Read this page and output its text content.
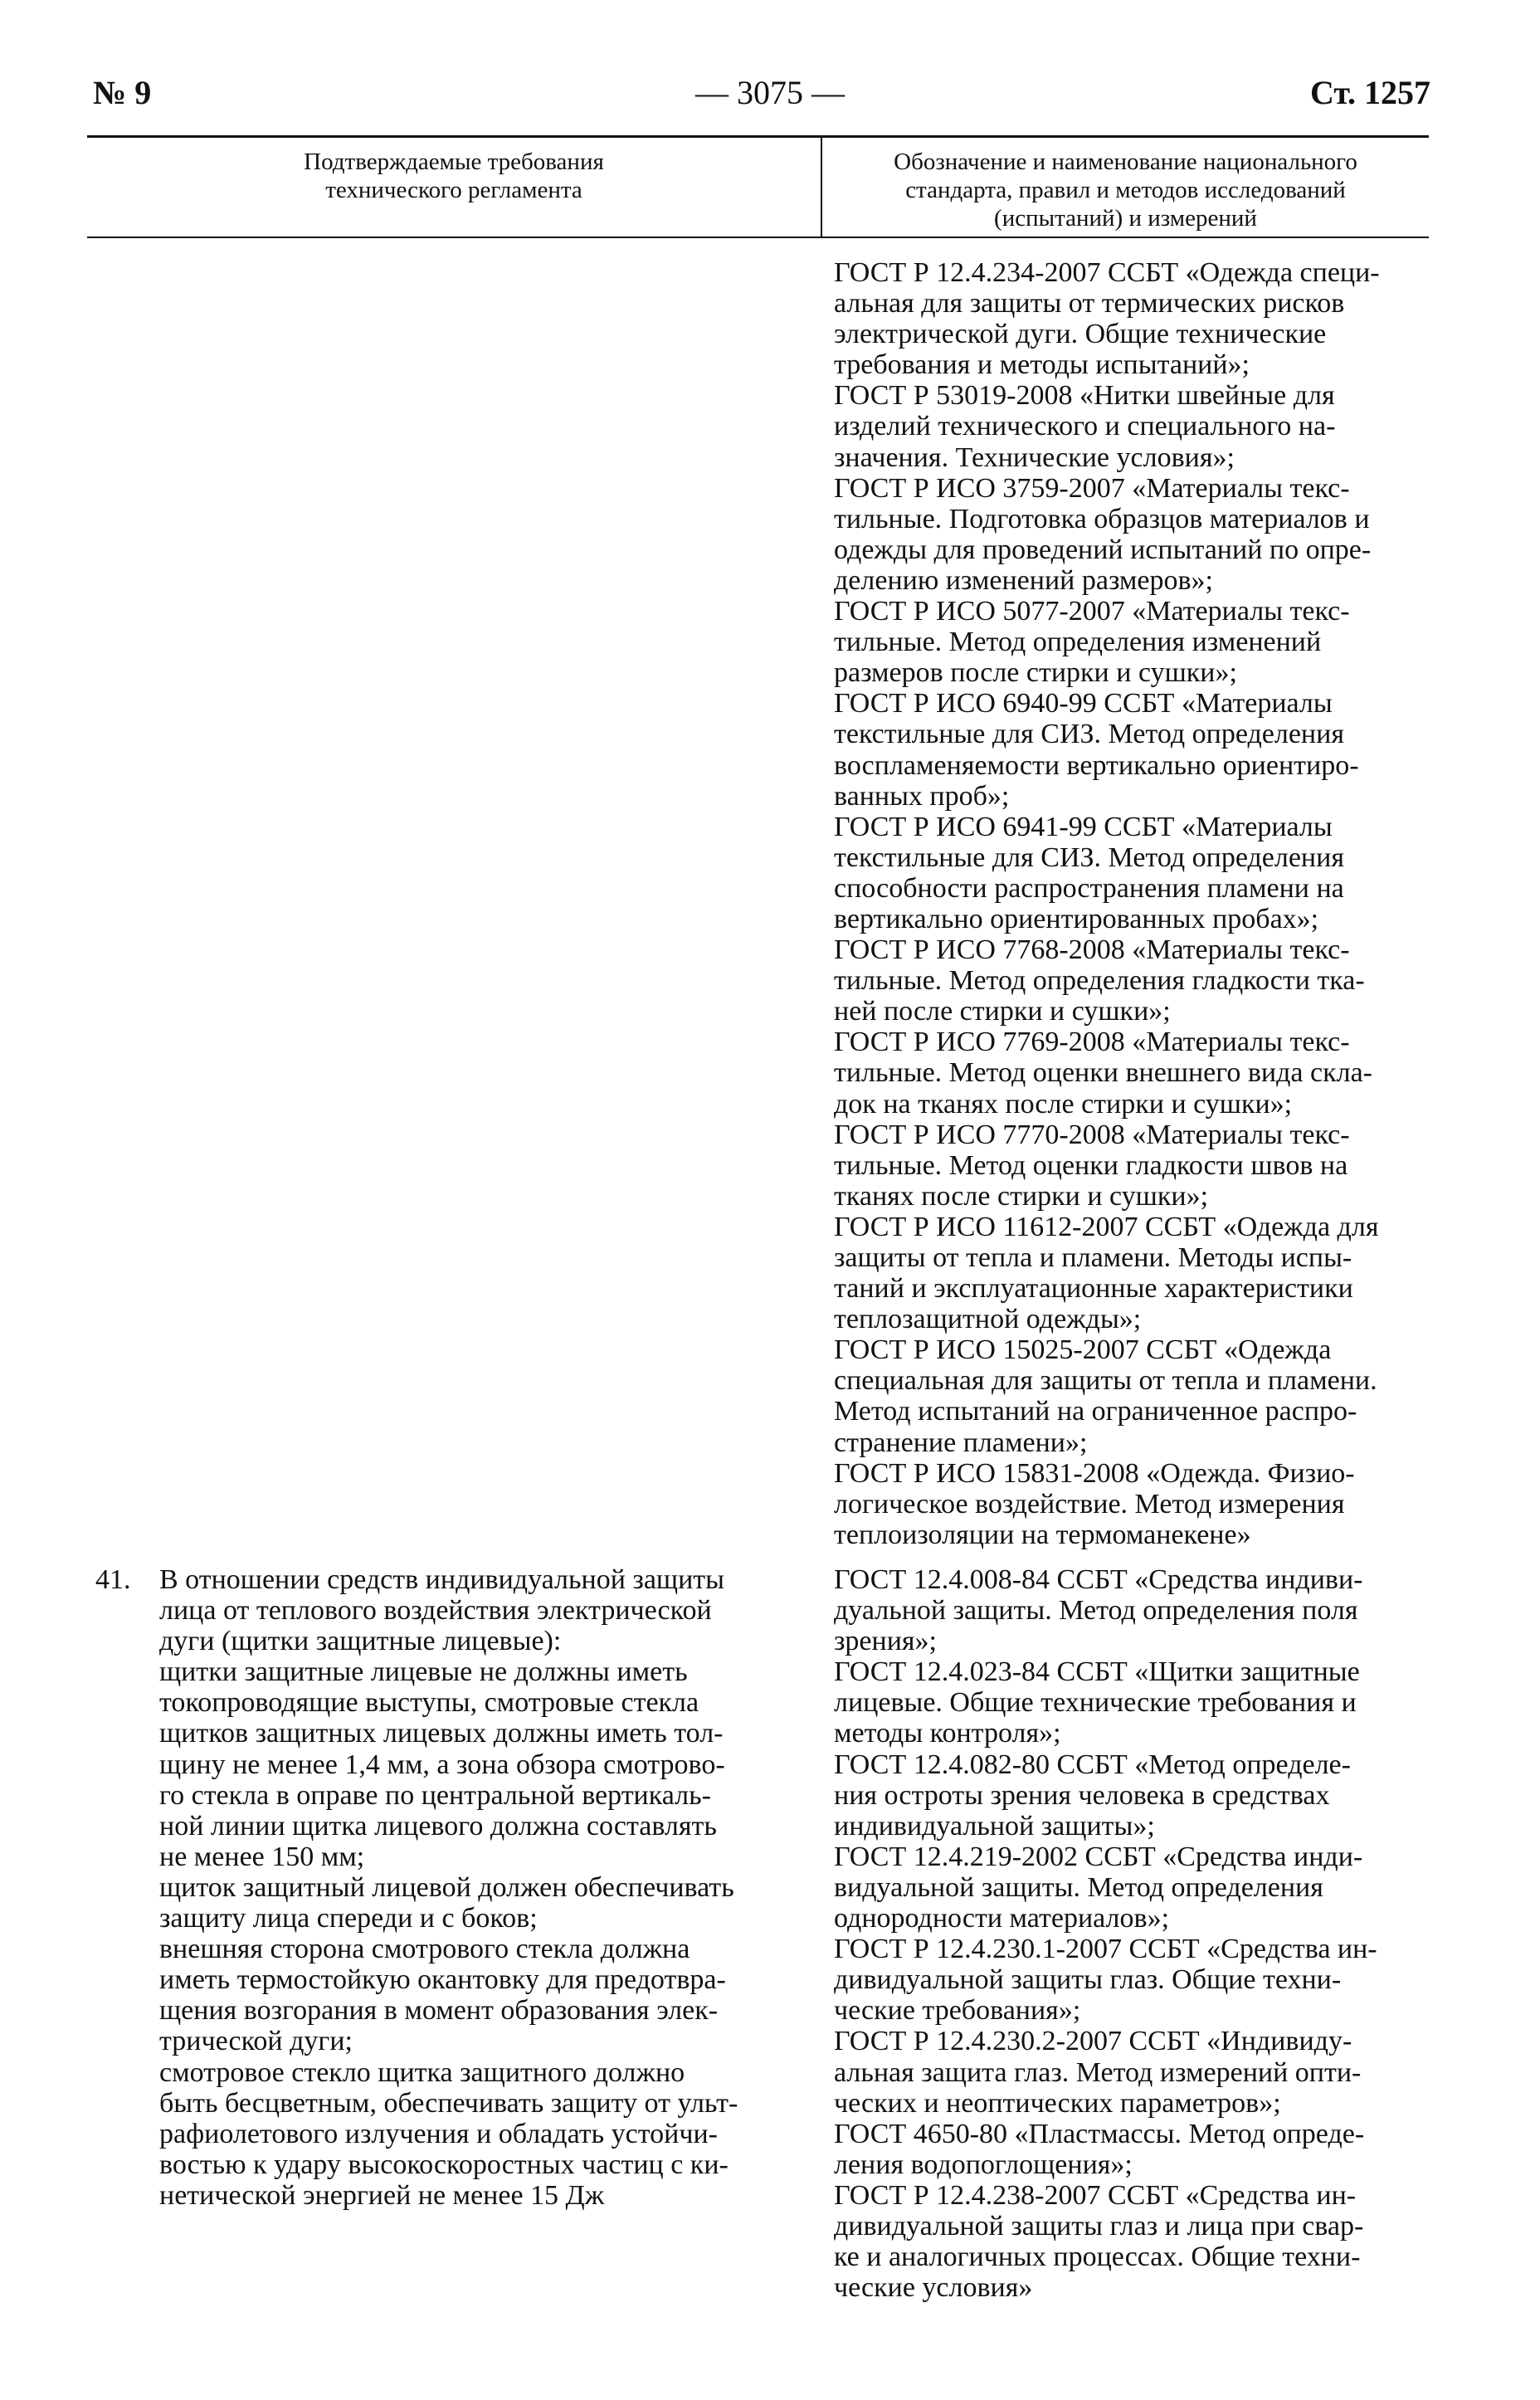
№ 9	— 3075 —	Ст. 1257
Подтверждаемые требования
технического регламента
Обозначение и наименование национального
стандарта, правил и методов исследований
(испытаний) и измерений
ГОСТ Р 12.4.234-2007 ССБТ «Одежда специ-
альная для защиты от термических рисков
электрической дуги. Общие технические
требования и методы испытаний»;
ГОСТ Р 53019-2008 «Нитки швейные для
изделий технического и специального на-
значения. Технические условия»;
ГОСТ Р ИСО 3759-2007 «Материалы текс-
тильные. Подготовка образцов материалов и
одежды для проведений испытаний по опре-
делению изменений размеров»;
ГОСТ Р ИСО 5077-2007 «Материалы текс-
тильные. Метод определения изменений
размеров после стирки и сушки»;
ГОСТ Р ИСО 6940-99 ССБТ «Материалы
текстильные для СИЗ. Метод определения
воспламеняемости вертикально ориентиро-
ванных проб»;
ГОСТ Р ИСО 6941-99 ССБТ «Материалы
текстильные для СИЗ. Метод определения
способности распространения пламени на
вертикально ориентированных пробах»;
ГОСТ Р ИСО 7768-2008 «Материалы текс-
тильные. Метод определения гладкости тка-
ней после стирки и сушки»;
ГОСТ Р ИСО 7769-2008 «Материалы текс-
тильные. Метод оценки внешнего вида скла-
док на тканях после стирки и сушки»;
ГОСТ Р ИСО 7770-2008 «Материалы текс-
тильные. Метод оценки гладкости швов на
тканях после стирки и сушки»;
ГОСТ Р ИСО 11612-2007 ССБТ «Одежда для
защиты от тепла и пламени. Методы испы-
таний и эксплуатационные характеристики
теплозащитной одежды»;
ГОСТ Р ИСО 15025-2007 ССБТ «Одежда
специальная для защиты от тепла и пламени.
Метод испытаний на ограниченное распро-
странение пламени»;
ГОСТ Р ИСО 15831-2008 «Одежда. Физио-
логическое воздействие. Метод измерения
теплоизоляции на термоманекене»
41. В отношении средств индивидуальной защиты
лица от теплового воздействия электрической
дуги (щитки защитные лицевые):
щитки защитные лицевые не должны иметь
токопроводящие выступы, смотровые стекла
щитков защитных лицевых должны иметь тол-
щину не менее 1,4 мм, а зона обзора смотрово-
го стекла в оправе по центральной вертикаль-
ной линии щитка лицевого должна составлять
не менее 150 мм;
щиток защитный лицевой должен обеспечивать
защиту лица спереди и с боков;
внешняя сторона смотрового стекла должна
иметь термостойкую окантовку для предотвра-
щения возгорания в момент образования элек-
трической дуги;
смотровое стекло щитка защитного должно
быть бесцветным, обеспечивать защиту от ульт-
рафиолетового излучения и обладать устойчи-
востью к удару высокоскоростных частиц с ки-
нетической энергией не менее 15 Дж
ГОСТ 12.4.008-84 ССБТ «Средства индиви-
дуальной защиты. Метод определения поля
зрения»;
ГОСТ 12.4.023-84 ССБТ «Щитки защитные
лицевые. Общие технические требования и
методы контроля»;
ГОСТ 12.4.082-80 ССБТ «Метод определе-
ния остроты зрения человека в средствах
индивидуальной защиты»;
ГОСТ 12.4.219-2002 ССБТ «Средства инди-
видуальной защиты. Метод определения
однородности материалов»;
ГОСТ Р 12.4.230.1-2007 ССБТ «Средства ин-
дивидуальной защиты глаз. Общие техни-
ческие требования»;
ГОСТ Р 12.4.230.2-2007 ССБТ «Индивиду-
альная защита глаз. Метод измерений опти-
ческих и неоптических параметров»;
ГОСТ 4650-80 «Пластмассы. Метод опреде-
ления водопоглощения»;
ГОСТ Р 12.4.238-2007 ССБТ «Средства ин-
дивидуальной защиты глаз и лица при свар-
ке и аналогичных процессах. Общие техни-
ческие условия»
